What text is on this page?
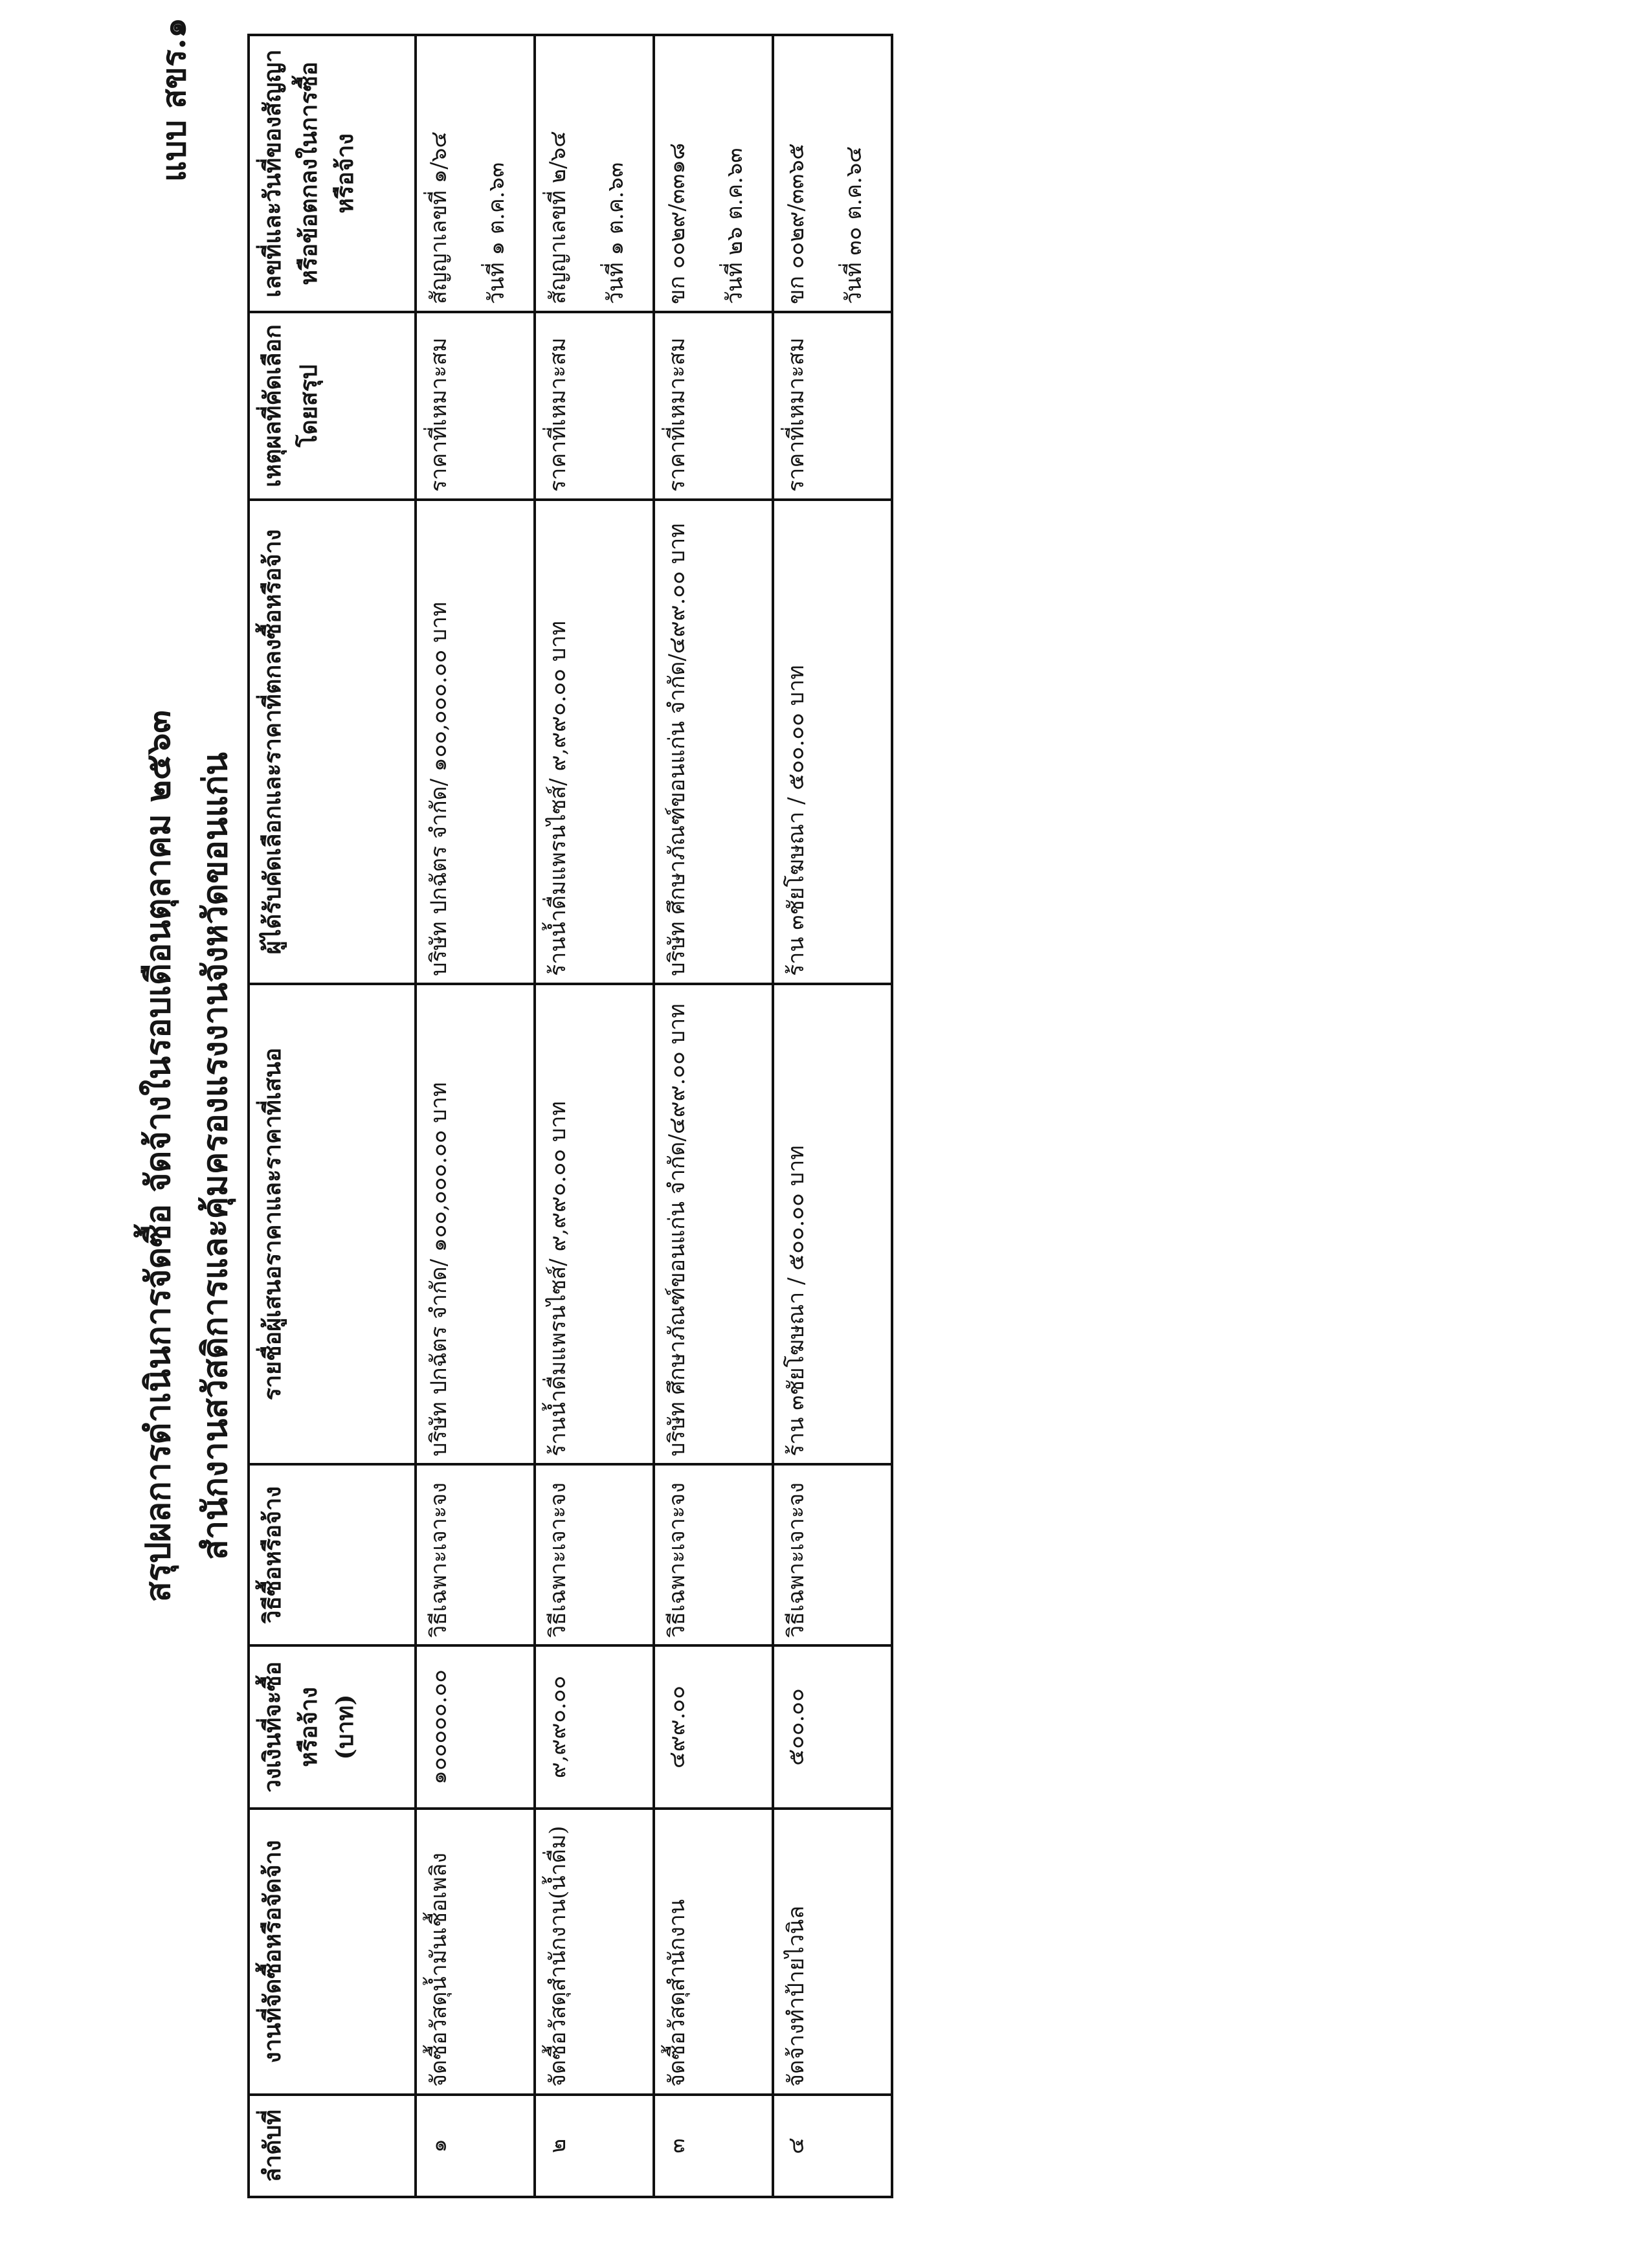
แบบ สขร.๑
สรุปผลการดำเนินการจัดซื้อ จัดจ้างในรอบเดือนตุลาคม ๒๕๖๓ สำนักงานสวัสดิการและคุ้มครองแรงงานจังหวัดขอนแก่น
ลำดับที่	งานที่จัดซื้อหรือจัดจ้าง	วงเงินที่จะซื้อหรือจ้าง (บาท)	วิธีซื้อหรือจ้าง	รายชื่อผู้เสนอราคาและราคาที่เสนอ	ผู้ได้รับคัดเลือกและราคาที่ตกลงซื้อหรือจ้าง	เหตุผลที่คัดเลือกโดยสรุป	เลขที่และวันที่ของสัญญาหรือข้อตกลงในการซื้อหรือจ้าง
๑	จัดซื้อวัสดุน้ำมันเชื้อเพลิง	๑๐๐๐๐๐.๐๐	วิธีเฉพาะเจาะจง	บริษัท ปกฉัตร จำกัด/ ๑๐๐,๐๐๐.๐๐ บาท	บริษัท ปกฉัตร จำกัด/ ๑๐๐,๐๐๐.๐๐ บาท	ราคาที่เหมาะสม	สัญญาเลขที่ ๑/๖๔ วันที่ ๑ ต.ค.๖๓

๒	จัดซื้อวัสดุสำนักงาน(น้ำดื่ม)	๙,๙๙๐.๐๐	วิธีเฉพาะเจาะจง	ร้านน้ำดื่มแพรนไซส์/ ๙,๙๙๐.๐๐ บาท	ร้านน้ำดื่มแพรนไซส์/ ๙,๙๙๐.๐๐ บาท	ราคาที่เหมาะสม	สัญญาเลขที่ ๒/๖๔ วันที่ ๑ ต.ค.๖๓

๓	จัดซื้อวัสดุสำนักงาน	๔๙๙.๐๐	วิธีเฉพาะเจาะจง	บริษัท ศึกษาภัณฑ์ขอนแก่น จำกัด/๔๙๙.๐๐ บาท	บริษัท ศึกษาภัณฑ์ขอนแก่น จำกัด/๔๙๙.๐๐ บาท	ราคาที่เหมาะสม	ขก ๐๐๒๙/๓๓๑๘ วันที่ ๒๖ ต.ค.๖๓

๔	จัดจ้างทำป้ายไวนิล	๕๐๐.๐๐	วิธีเฉพาะเจาะจง	ร้าน ๓ชัยโฆษณา / ๕๐๐.๐๐ บาท	ร้าน ๓ชัยโฆษณา / ๕๐๐.๐๐ บาท	ราคาที่เหมาะสม	ขก ๐๐๒๙/๓๓๖๕ วันที่ ๓๐ ต.ค.๖๔
